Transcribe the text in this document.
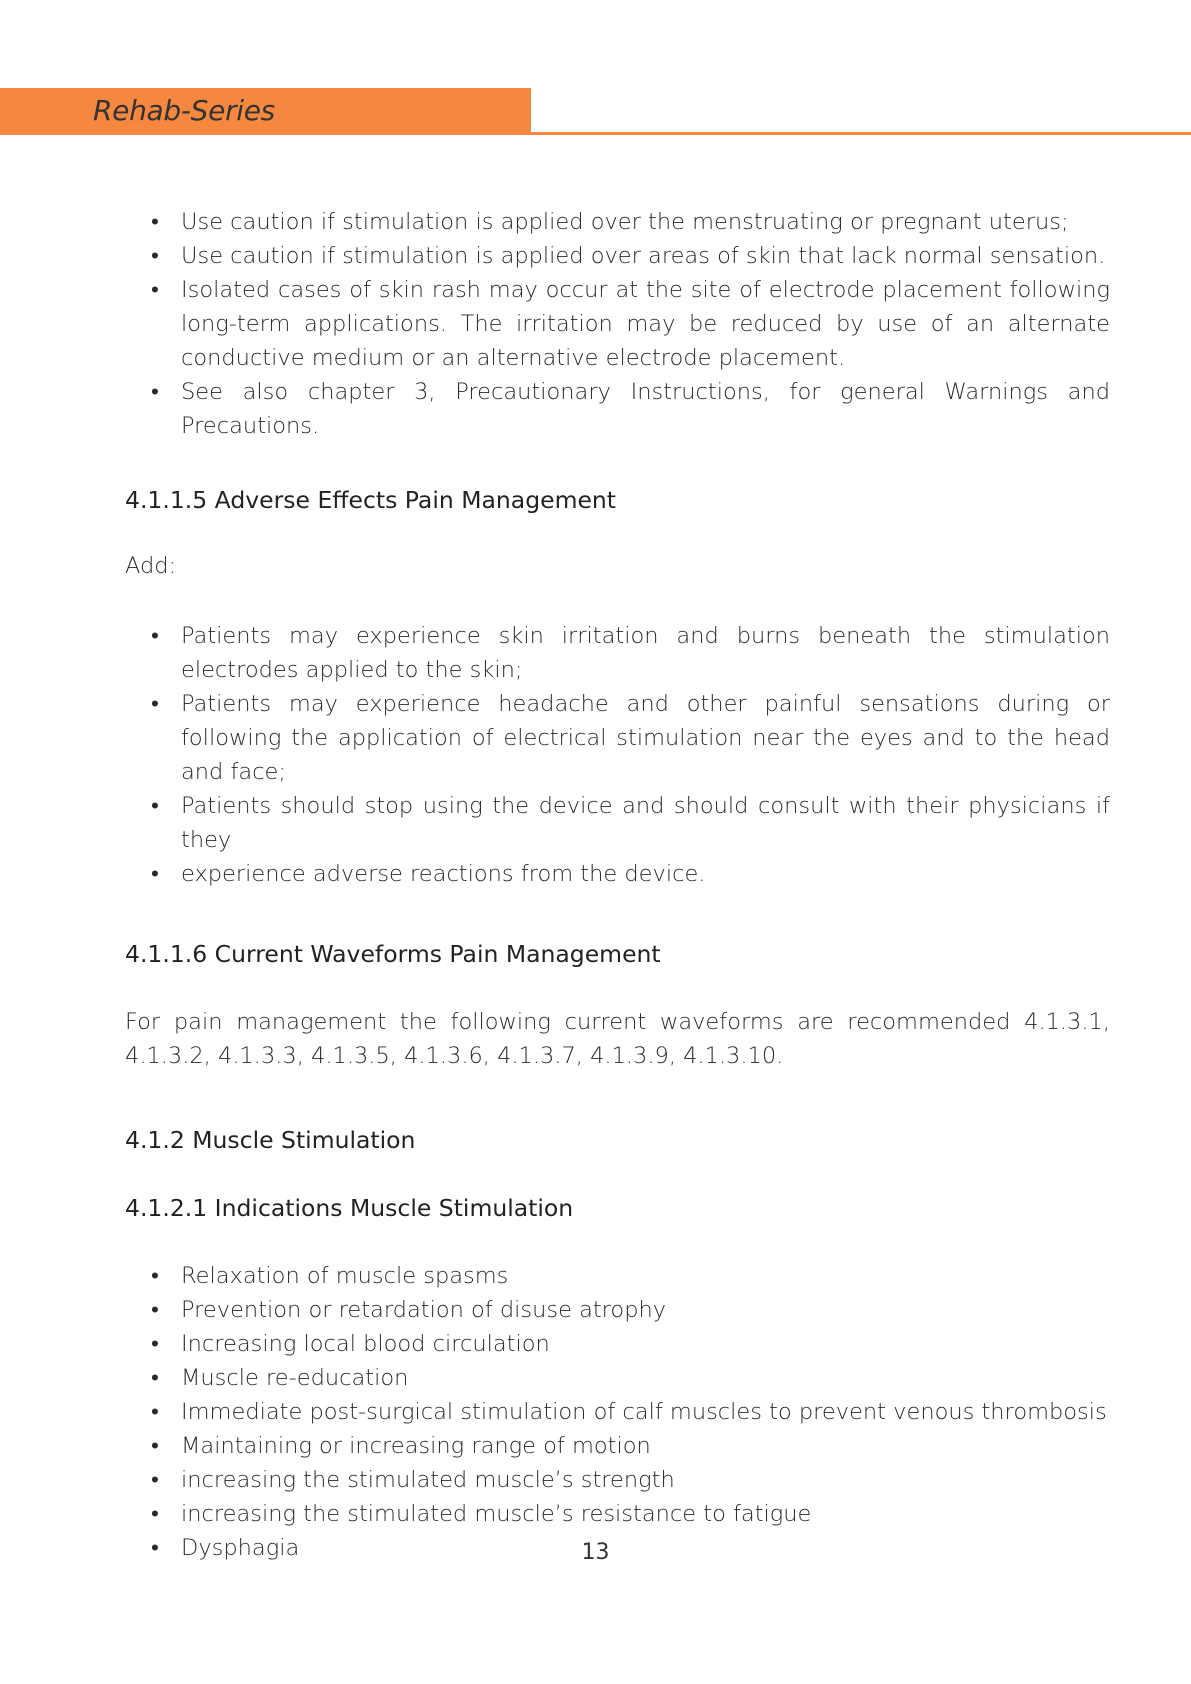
Rehab-Series
• Use caution if stimulation is applied over the menstruating or pregnant uterus;
• Use caution if stimulation is applied over areas of skin that lack normal sensation.
• Isolated cases of skin rash may occur at the site of electrode placement following long-term applications. The irritation may be reduced by use of an alternate conductive medium or an alternative electrode placement.
• See also chapter 3, Precautionary Instructions, for general Warnings and Precautions.
4.1.1.5 Adverse Effects Pain Management

Add:

• Patients may experience skin irritation and burns beneath the stimulation electrodes applied to the skin;
• Patients may experience headache and other painful sensations during or following the application of electrical stimulation near the eyes and to the head and face;
• Patients should stop using the device and should consult with their physicians if they
• experience adverse reactions from the device.
4.1.1.6 Current Waveforms Pain Management

For pain management the following current waveforms are recommended 4.1.3.1, 4.1.3.2, 4.1.3.3, 4.1.3.5, 4.1.3.6, 4.1.3.7, 4.1.3.9, 4.1.3.10.

4.1.2 Muscle Stimulation
4.1.2.1 Indications Muscle Stimulation
• Relaxation of muscle spasms
• Prevention or retardation of disuse atrophy
• Increasing local blood circulation
• Muscle re-education
• Immediate post-surgical stimulation of calf muscles to prevent venous thrombosis
• Maintaining or increasing range of motion
• increasing the stimulated muscle’s strength
• increasing the stimulated muscle’s resistance to fatigue
• Dysphagia	13
